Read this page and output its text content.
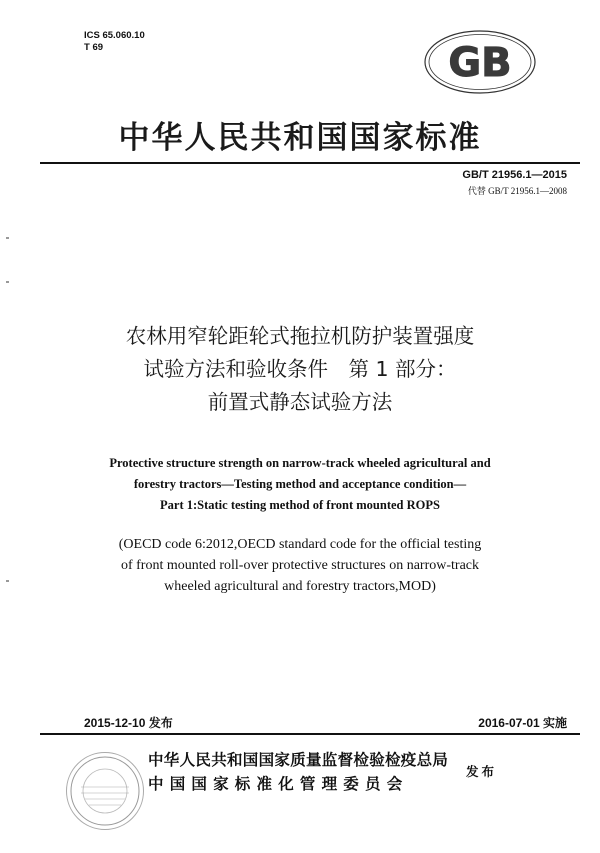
ICS 65.060.10
T 69	GB
中华人民共和国国家标准
GB/T 21956.1—2015
代替 GB/T 21956.1—2008
农林用窄轮距轮式拖拉机防护装置强度
试验方法和验收条件　第 1 部分：
前置式静态试验方法
Protective structure strength on narrow-track wheeled agricultural and
forestry tractors—Testing method and acceptance condition—
Part 1:Static testing method of front mounted ROPS
(OECD code 6:2012,OECD standard code for the official testing
of front mounted roll-over protective structures on narrow-track
wheeled agricultural and forestry tractors,MOD)
2015-12-10 发布	2016-07-01 实施
中华人民共和国国家质量监督检验检疫总局
中国国家标准化管理委员会
发布
